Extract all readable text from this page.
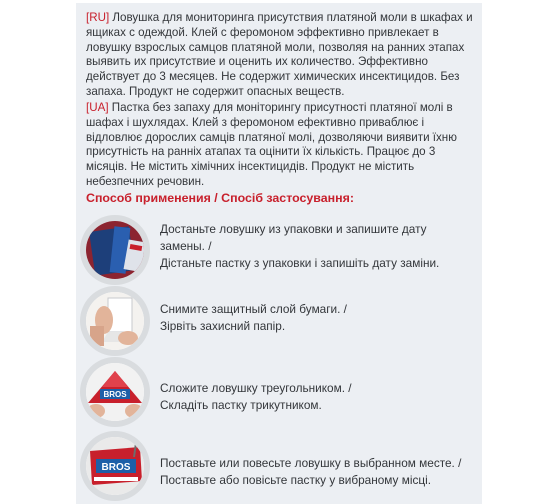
[RU] Ловушка для мониторинга присутствия платяной моли в шкафах и ящиках с одеждой. Клей с феромоном эффективно привлекает в ловушку взрослых самцов платяной моли, позволяя на ранних этапах выявить их присутствие и оценить их количество. Эффективно действует до 3 месяцев. Не содержит химических инсектицидов. Без запаха. Продукт не содержит опасных веществ.
[UA] Пастка без запаху для моніторингу присутності платяної молі в шафах і шухлядах. Клей з феромоном ефективно приваблює і відловлює дорослих самців платяної молі, дозволяючи виявити їхню присутність на ранніх атапах та оцінити їх кількість. Працює до 3 місяців. Не містить хімічних інсектицидів. Продукт не містить небезпечних речовин.
Способ применения / Спосіб застосування:
Достаньте ловушку из упаковки и запишите дату
замены. /
Дістаньте пастку з упаковки і запишіть дату заміни.
Снимите защитный слой бумаги. /
Зірвіть захисний папір.
BROS	Сложите ловушку треугольником. /
Складіть пастку трикутником.
BROS	Поставьте или повесьте ловушку в выбранном месте. /
Поставьте або повісьте пастку у вибраному місці.
